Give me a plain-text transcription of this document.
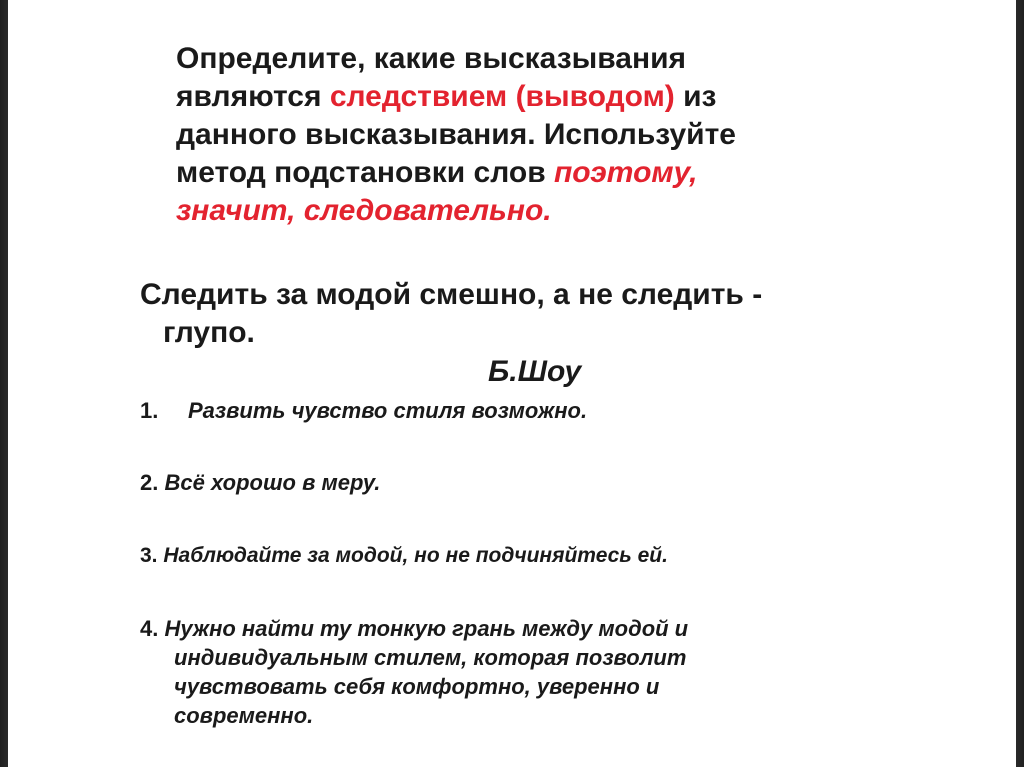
Определите, какие высказывания являются следствием (выводом) из данного высказывания. Используйте метод подстановки слов поэтому, значит, следовательно.
Следить за модой смешно, а не следить -
глупо.
Б.Шоу
1. Развить чувство стиля возможно.
2. Всё хорошо в меру.
3. Наблюдайте за модой, но не подчиняйтесь ей.
4. Нужно найти ту тонкую грань между модой и
индивидуальным стилем, которая позволит
чувствовать себя комфортно, уверенно и
современно.
